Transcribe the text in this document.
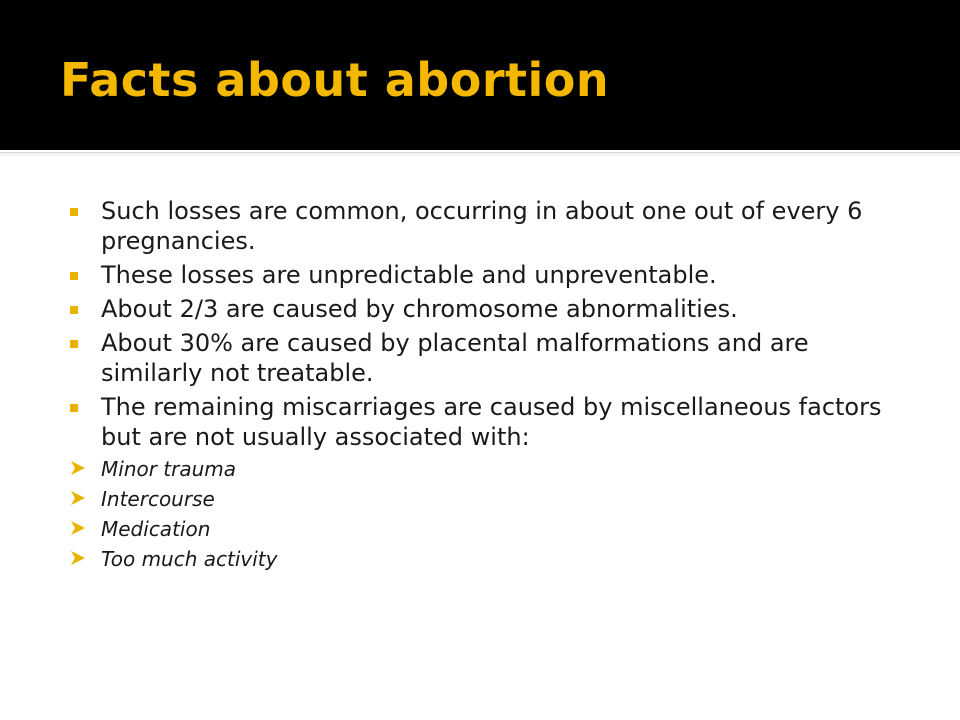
Facts about abortion
Such losses are common, occurring in about one out of every 6 pregnancies.
These losses are unpredictable and unpreventable.
About 2/3 are caused by chromosome abnormalities.
About 30% are caused by placental malformations and are similarly not treatable.
The remaining miscarriages are caused by miscellaneous factors but are not usually associated with:
Minor trauma
Intercourse
Medication
Too much activity
